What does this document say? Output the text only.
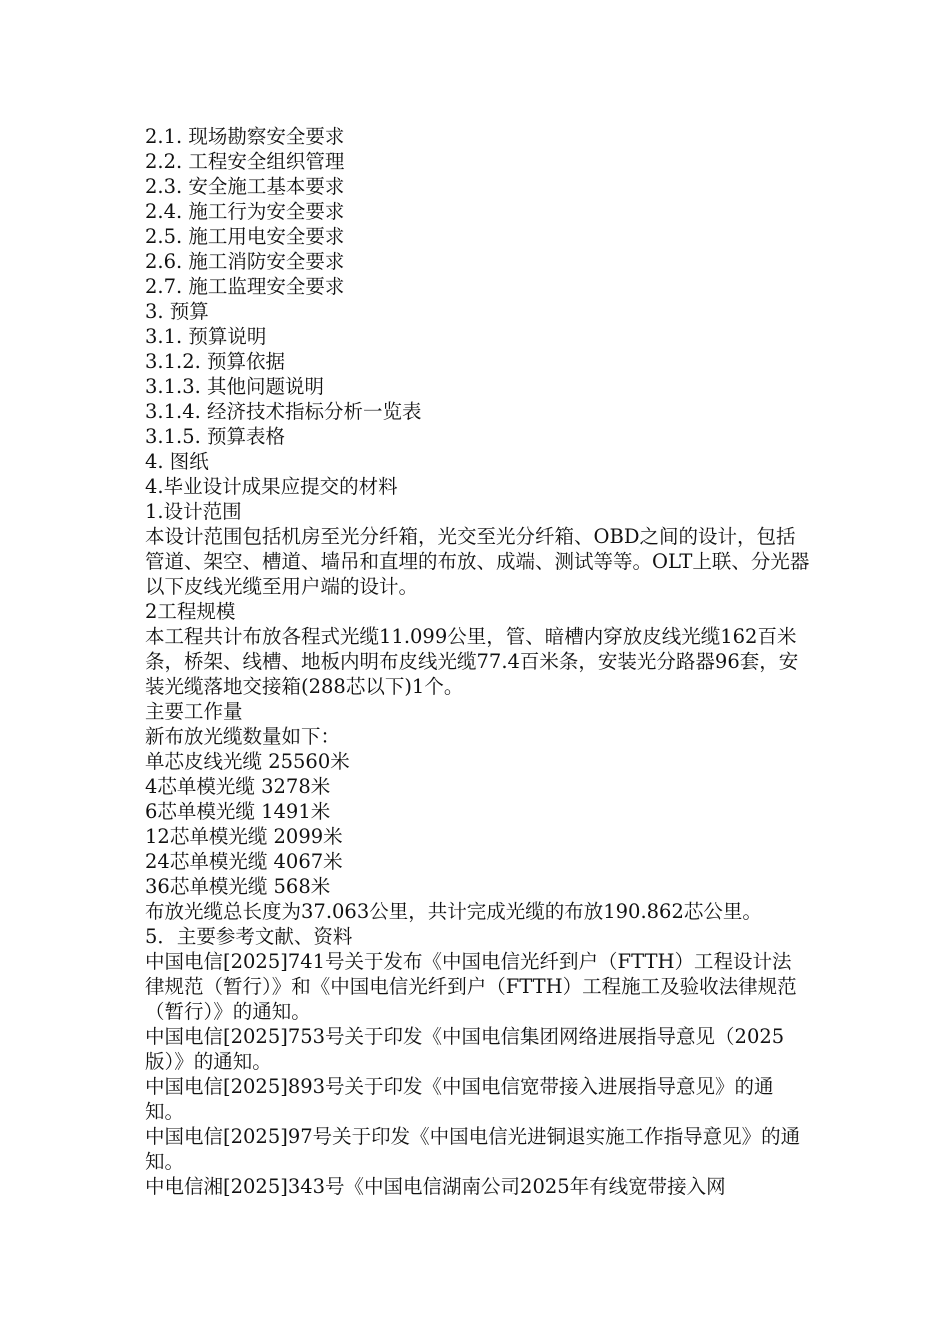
2.1. 现场勘察安全要求

2.2. 工程安全组织管理

2.3. 安全施工基本要求

2.4. 施工行为安全要求

2.5. 施工用电安全要求

2.6. 施工消防安全要求

2.7. 施工监理安全要求

3. 预算

3.1. 预算说明

3.1.2. 预算依据

3.1.3. 其他问题说明

3.1.4. 经济技术指标分析一览表

3.1.5. 预算表格

4. 图纸

4.毕业设计成果应提交的材料

1.设计范围

本设计范围包括机房至光分纤箱，光交至光分纤箱、OBD之间的设计，包括管道、架空、槽道、墙吊和直埋的布放、成端、测试等等。OLT上联、分光器以下皮线光缆至用户端的设计。

2工程规模

本工程共计布放各程式光缆11.099公里，管、暗槽内穿放皮线光缆162百米条，桥架、线槽、地板内明布皮线光缆77.4百米条，安装光分路器96套，安装光缆落地交接箱(288芯以下)1个。

主要工作量

新布放光缆数量如下：

单芯皮线光缆 25560米

4芯单模光缆 3278米

6芯单模光缆 1491米

12芯单模光缆 2099米

24芯单模光缆 4067米

36芯单模光缆 568米

布放光缆总长度为37.063公里，共计完成光缆的布放190.862芯公里。

5．主要参考文献、资料

中国电信[2025]741号关于发布《中国电信光纤到户（FTTH）工程设计法律规范（暂行）》和《中国电信光纤到户（FTTH）工程施工及验收法律规范（暂行）》的通知。

中国电信[2025]753号关于印发《中国电信集团网络进展指导意见（2025版）》的通知。

中国电信[2025]893号关于印发《中国电信宽带接入进展指导意见》的通知。

中国电信[2025]97号关于印发《中国电信光进铜退实施工作指导意见》的通知。

中电信湘[2025]343号《中国电信湖南公司2025年有线宽带接入网
